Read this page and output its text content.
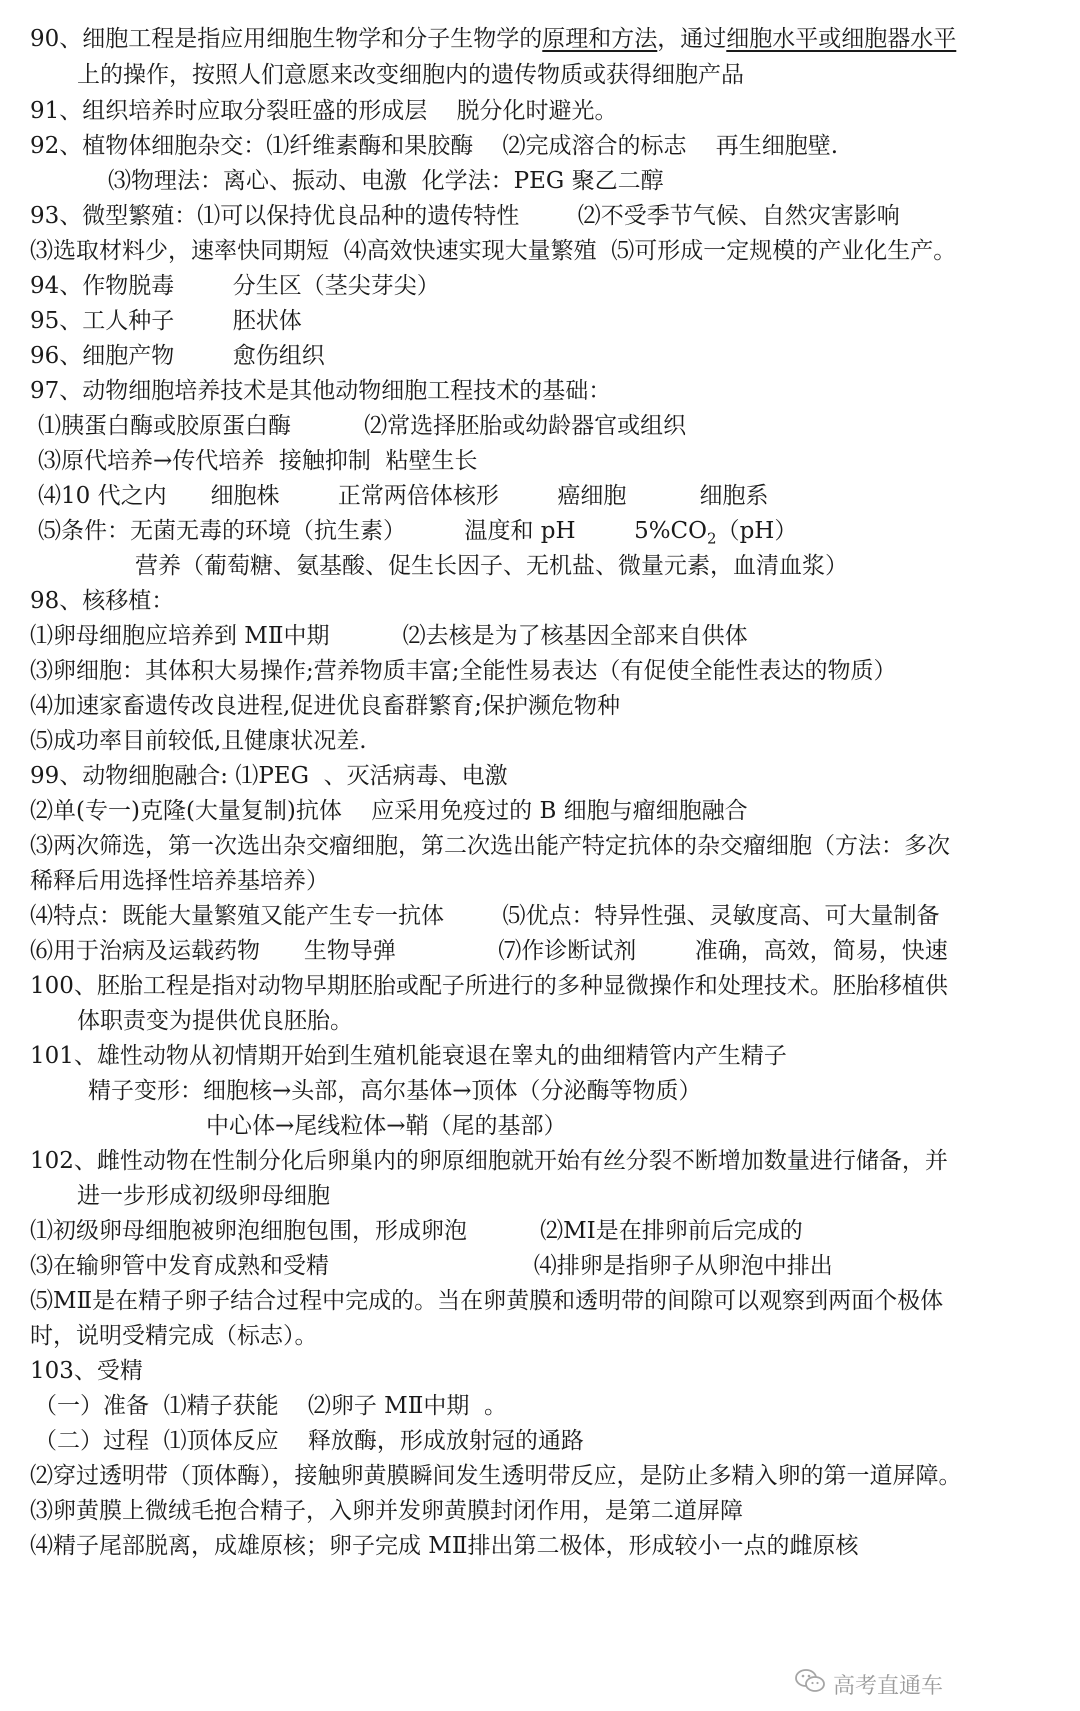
90、细胞工程是指应用细胞生物学和分子生物学的原理和方法，通过细胞水平或细胞器水平
上的操作，按照人们意愿来改变细胞内的遗传物质或获得细胞产品
91、组织培养时应取分裂旺盛的形成层    脱分化时避光。
92、植物体细胞杂交：⑴纤维素酶和果胶酶    ⑵完成溶合的标志    再生细胞壁.
⑶物理法：离心、振动、电激  化学法：PEG 聚乙二醇
93、微型繁殖：⑴可以保持优良品种的遗传特性        ⑵不受季节气候、自然灾害影响
⑶选取材料少，速率快同期短  ⑷高效快速实现大量繁殖  ⑸可形成一定规模的产业化生产。
94、作物脱毒        分生区（茎尖芽尖）
95、工人种子        胚状体
96、细胞产物        愈伤组织
97、动物细胞培养技术是其他动物细胞工程技术的基础：
⑴胰蛋白酶或胶原蛋白酶          ⑵常选择胚胎或幼龄器官或组织
⑶原代培养→传代培养  接触抑制  粘壁生长
⑷10 代之内      细胞株        正常两倍体核形        癌细胞          细胞系
⑸条件：无菌无毒的环境（抗生素）        温度和 pH        $5\%CO_2(pH)$
营养（葡萄糖、氨基酸、促生长因子、无机盐、微量元素，血清血浆）
98、核移植：
⑴卵母细胞应培养到 MⅡ中期          ⑵去核是为了核基因全部来自供体
⑶卵细胞：其体积大易操作;营养物质丰富;全能性易表达（有促使全能性表达的物质）
⑷加速家畜遗传改良进程,促进优良畜群繁育;保护濒危物种
⑸成功率目前较低,且健康状况差.
99、动物细胞融合: ⑴PEG  、灭活病毒、电激
⑵单(专一)克隆(大量复制)抗体    应采用免疫过的 B 细胞与瘤细胞融合
⑶两次筛选，第一次选出杂交瘤细胞，第二次选出能产特定抗体的杂交瘤细胞（方法：多次
稀释后用选择性培养基培养）
⑷特点：既能大量繁殖又能产生专一抗体        ⑸优点：特异性强、灵敏度高、可大量制备
⑹用于治病及运载药物      生物导弹              ⑺作诊断试剂        准确，高效，简易，快速
100、胚胎工程是指对动物早期胚胎或配子所进行的多种显微操作和处理技术。胚胎移植供
体职责变为提供优良胚胎。
101、雄性动物从初情期开始到生殖机能衰退在睾丸的曲细精管内产生精子
精子变形：细胞核→头部，高尔基体→顶体（分泌酶等物质）
中心体→尾线粒体→鞘（尾的基部）
102、雌性动物在性制分化后卵巢内的卵原细胞就开始有丝分裂不断增加数量进行储备，并
进一步形成初级卵母细胞
⑴初级卵母细胞被卵泡细胞包围，形成卵泡          ⑵MⅠ是在排卵前后完成的
⑶在输卵管中发育成熟和受精                            ⑷排卵是指卵子从卵泡中排出
⑸MⅡ是在精子卵子结合过程中完成的。当在卵黄膜和透明带的间隙可以观察到两面个极体
时，说明受精完成（标志）。
103、受精
（一）准备  ⑴精子获能    ⑵卵子 MⅡ中期  。
（二）过程  ⑴顶体反应    释放酶，形成放射冠的通路
⑵穿过透明带（顶体酶），接触卵黄膜瞬间发生透明带反应，是防止多精入卵的第一道屏障。
⑶卵黄膜上微绒毛抱合精子，入卵并发卵黄膜封闭作用，是第二道屏障
⑷精子尾部脱离，成雄原核；卵子完成 MⅡ排出第二极体，形成较小一点的雌原核
高考直通车
